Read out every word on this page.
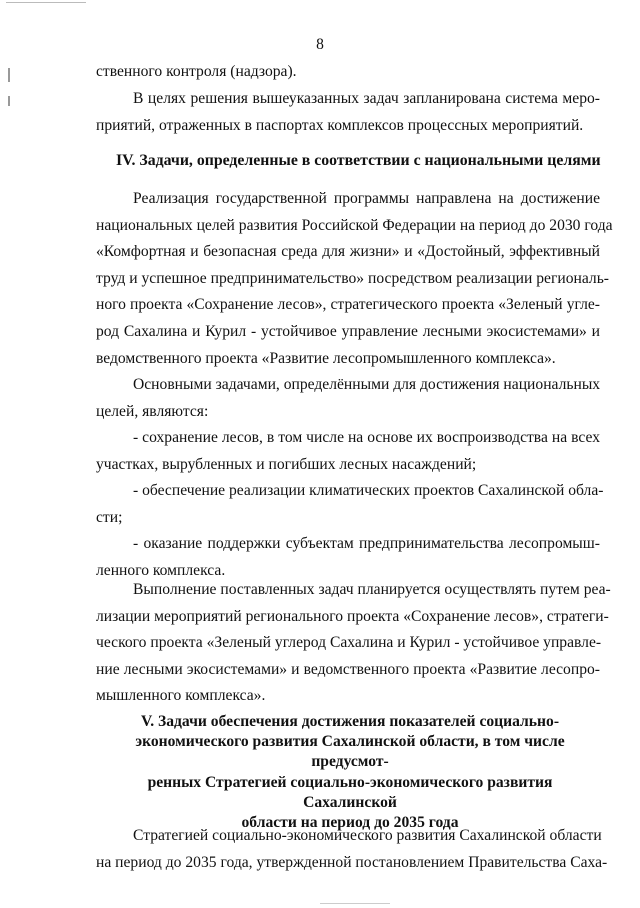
8
ственного контроля (надзора).
В целях решения вышеуказанных задач запланирована система меро-
приятий, отраженных в паспортах комплексов процессных мероприятий.
IV. Задачи, определенные в соответствии с национальными целями
Реализация государственной программы направлена на достижение
национальных целей развития Российской Федерации на период до 2030 года
«Комфортная и безопасная среда для жизни» и «Достойный, эффективный
труд и успешное предпринимательство» посредством реализации региональ-
ного проекта «Сохранение лесов», стратегического проекта «Зеленый угле-
род Сахалина и Курил - устойчивое управление лесными экосистемами» и
ведомственного проекта «Развитие лесопромышленного комплекса».
Основными задачами, определёнными для достижения национальных
целей, являются:
- сохранение лесов, в том числе на основе их воспроизводства на всех
участках, вырубленных и погибших лесных насаждений;
- обеспечение реализации климатических проектов Сахалинской обла-
сти;
- оказание поддержки субъектам предпринимательства лесопромыш-
ленного комплекса.
Выполнение поставленных задач планируется осуществлять путем реа-
лизации мероприятий регионального проекта «Сохранение лесов», стратеги-
ческого проекта «Зеленый углерод Сахалина и Курил - устойчивое управле-
ние лесными экосистемами» и ведомственного проекта «Развитие лесопро-
мышленного комплекса».
V. Задачи обеспечения достижения показателей социально-
экономического развития Сахалинской области, в том числе предусмот-
ренных Стратегией социально-экономического развития Сахалинской
области на период до 2035 года
Стратегией социально-экономического развития Сахалинской области
на период до 2035 года, утвержденной постановлением Правительства Саха-
